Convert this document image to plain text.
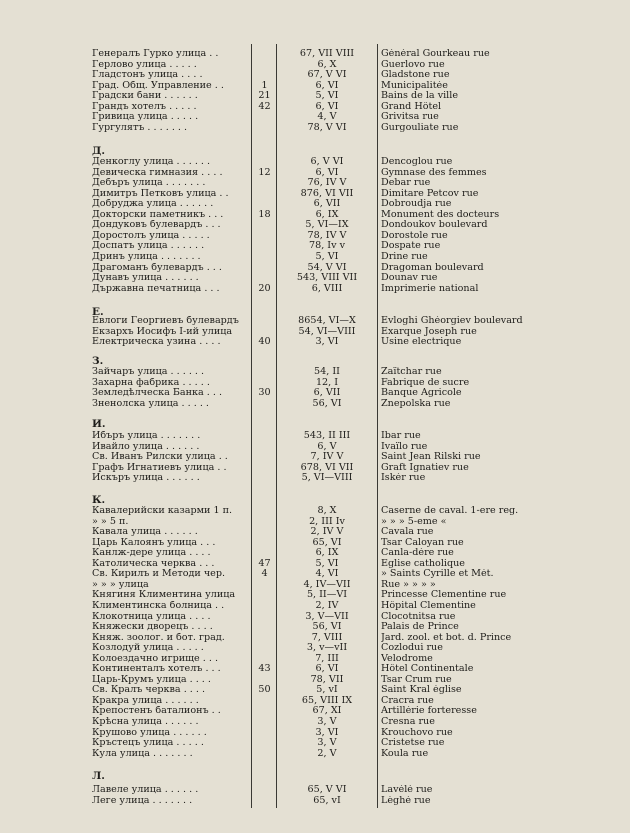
Генералъ Гурко улица . .	67, VII VIII	Général Gourkeau rue
Герлово улица . . . . .	6, X	Guerlovo rue
Гладстонъ улица . . . .	67, V VI	Gladstone rue
Град. Общ. Управление . .	1	6, VI	Municipalitée
Градски бани . . . . . .	21	5, VI	Bains de la ville
Грандъ хотелъ . . . . .	42	6, VI	Grand Hôtel
Гривица улица . . . . .	4, V	Grivitsa rue
Гургулятъ . . . . . . .	78, V VI	Gurgouliate rue
Д.
Денкоглу улица . . . . . .	6, V VI	Dencoglou rue
Девическа гимназия . . . .	12	6, VI	Gymnase des femmes
Дебъръ улица . . . . . . .	76, IV V	Debar rue
Димитръ Петковъ улица . .	876, VI VII	Dimitare Petcov rue
Добруджа улица . . . . . .	6, VII	Dobroudja rue
Докторски паметникъ . . .	18	6, IX	Monument des docteurs
Дондуковъ булевардъ . . .	5, VI—IX	Dondoukov boulevard
Доростолъ улица . . . . .	78, IV V	Dorostole rue
Доспатъ улица . . . . . .	78, Iv v	Dospate rue
Дринъ улица . . . . . . .	5, VI	Drine rue
Драгоманъ булевардъ . . .	54, V VI	Dragoman boulevard
Дунавъ улица . . . . . .	543, VIII VII	Dounav rue
Държавна печатница . . .	20	6, VIII	Imprimerie national
Е.
Евлоги Георгиевъ булевардъ	8654, VI—X	Evloghi Ghéorgiev boulevard
Екзархъ Иосифъ I-ий улица	54, VI—VIII	Exarque Joseph rue
Електрическа узина . . . .	40	3, VI	Usine electrique
З.
Зайчаръ улица . . . . . .	54, II	Zaïtchar rue
Захарна фабрика . . . . .	12, I	Fabrique de sucre
Земледѣлческа Банка . . .	30	6, VII	Banque Agricole
Зненолска улица . . . . .	56, VI	Znepolska rue
И.
Ибъръ улица . . . . . . .	543, II III	Ibar rue
Ивайло улица . . . . . .	6, V	Ivaïlo rue
Св. Иванъ Рилски улица . .	7, IV V	Saint Jean Rilski rue
Графъ Игнатиевъ улица . .	678, VI VII	Graft Ignatiev rue
Искъръ улица . . . . . .	5, VI—VIII	Iskér rue
К.
Кавалерийски казарми 1 п.	8, X	Caserne de caval. 1-ere reg.
» » 5 п.	2, III Iv	» » » 5-eme «
Кавала улица . . . . . .	2, IV V	Cavala rue
Царь Калоянъ улица . . .	65, VI	Tsar Caloyan rue
Канлж-дере улица . . . .	6, IX	Canla-dére rue
Католическа черква . . .	47	5, VI	Eglise catholique
Св. Кирилъ и Методи чер.	4	4, VI	» Saints Cyrille et Mét.
» » » улица	4, IV—VII	Rue » » » »
Княгиня Климентина улица	5, II—VI	Princesse Clementine rue
Климентинска болница . .	2, IV	Hôpital Clementine
Клокотница улица . . . .	3, V—VII	Clocotnitsa rue
Княжески дворецъ . . . .	56, VI	Palais de Prince
Княж. зоолог. и бот. град.	7, VIII	Jard. zool. et bot. d. Prince
Козлодуй улица . . . . .	3, v—vII	Cozlodui rue
Колоездачно игрище . . .	7, III	Velodrome
Континенталъ хотелъ . . .	43	6, VI	Hôtel Continentale
Царь-Крумъ улица . . . .	78, VII	Tsar Crum rue
Св. Кралъ черква . . . .	50	5, vI	Saint Kral église
Кракра улица . . . . . .	65, VIII IX	Cracra rue
Крепостенъ баталионъ . .	67, XI	Artillérie forteresse
Крѣсна улица . . . . . .	3, V	Cresna rue
Крушово улица . . . . . .	3, VI	Krouchovo rue
Кръстецъ улица . . . . .	3, V	Cristetse rue
Кула улица . . . . . . .	2, V	Koula rue
Л.
Лавеле улица . . . . . .	65, V VI	Lavélé rue
Леге улица . . . . . . .	65, vI	Lèghé rue
